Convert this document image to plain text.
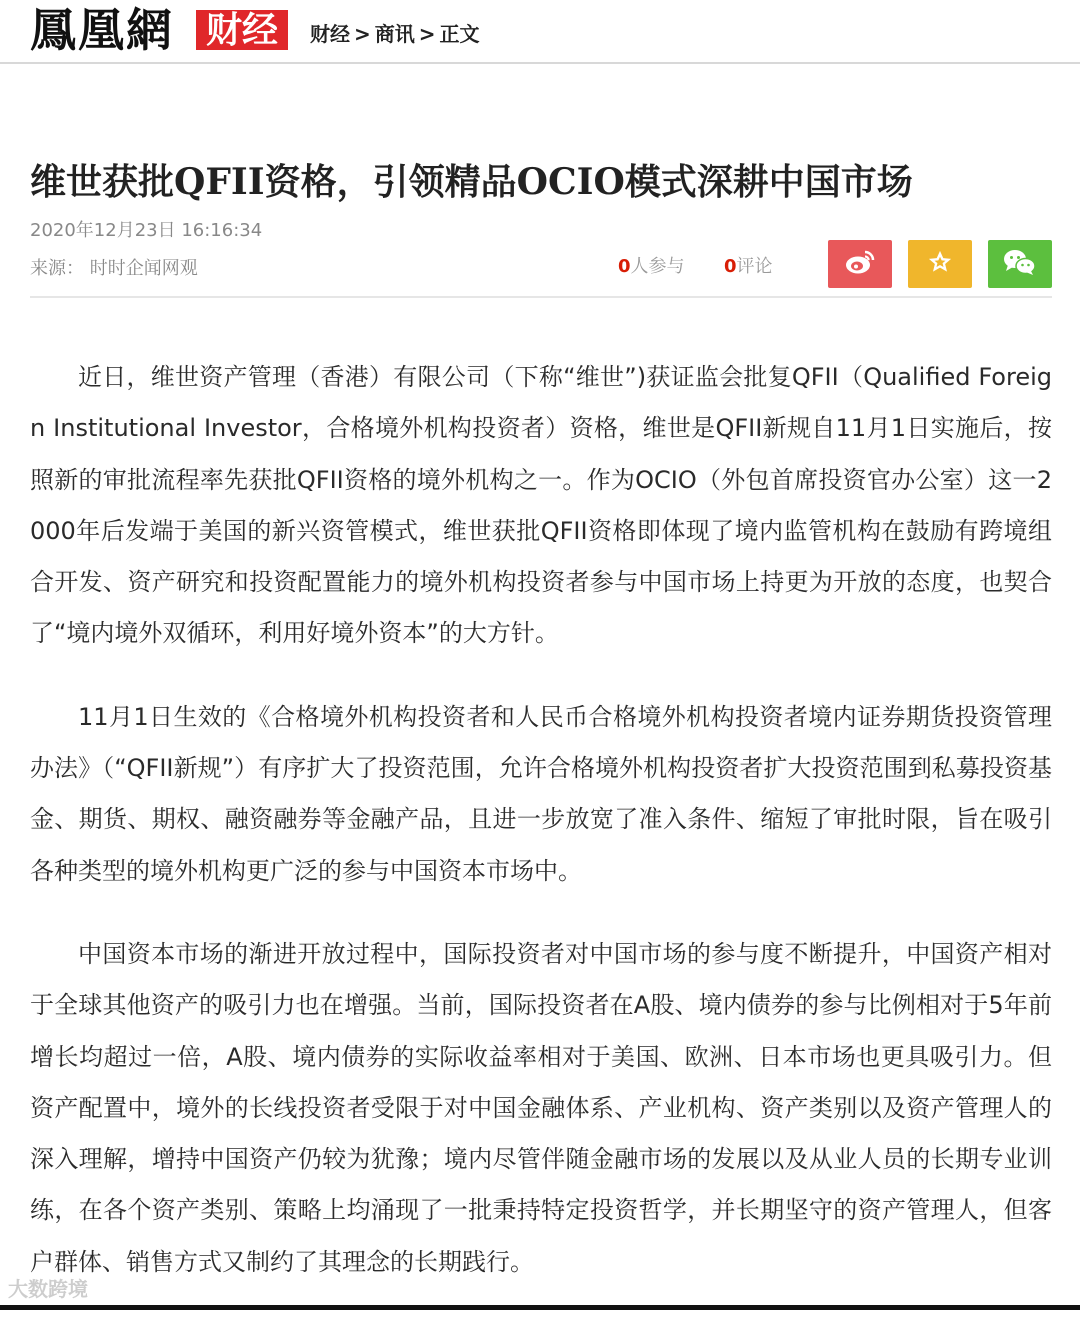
鳳凰網 财经	财经 > 商讯 > 正文
维世获批QFII资格，引领精品OCIO模式深耕中国市场
2020年12月23日 16:16:34
来源： 时时企闻网观	0人参与 0评论

近日，维世资产管理（香港）有限公司（下称“维世”)获证监会批复QFII（Qualified Foreign Institutional Investor，合格境外机构投资者）资格，维世是QFII新规自11月1日实施后，按照新的审批流程率先获批QFII资格的境外机构之一。作为OCIO（外包首席投资官办公室）这一2000年后发端于美国的新兴资管模式，维世获批QFII资格即体现了境内监管机构在鼓励有跨境组合开发、资产研究和投资配置能力的境外机构投资者参与中国市场上持更为开放的态度，也契合了“境内境外双循环，利用好境外资本”的大方针。

11月1日生效的《合格境外机构投资者和人民币合格境外机构投资者境内证券期货投资管理办法》（“QFII新规”）有序扩大了投资范围，允许合格境外机构投资者扩大投资范围到私募投资基金、期货、期权、融资融券等金融产品，且进一步放宽了准入条件、缩短了审批时限，旨在吸引各种类型的境外机构更广泛的参与中国资本市场中。

中国资本市场的渐进开放过程中，国际投资者对中国市场的参与度不断提升，中国资产相对于全球其他资产的吸引力也在增强。当前，国际投资者在A股、境内债券的参与比例相对于5年前增长均超过一倍，A股、境内债券的实际收益率相对于美国、欧洲、日本市场也更具吸引力。但资产配置中，境外的长线投资者受限于对中国金融体系、产业机构、资产类别以及资产管理人的深入理解，增持中国资产仍较为犹豫；境内尽管伴随金融市场的发展以及从业人员的长期专业训练，在各个资产类别、策略上均涌现了一批秉持特定投资哲学，并长期坚守的资产管理人，但客户群体、销售方式又制约了其理念的长期践行。

大数跨境
